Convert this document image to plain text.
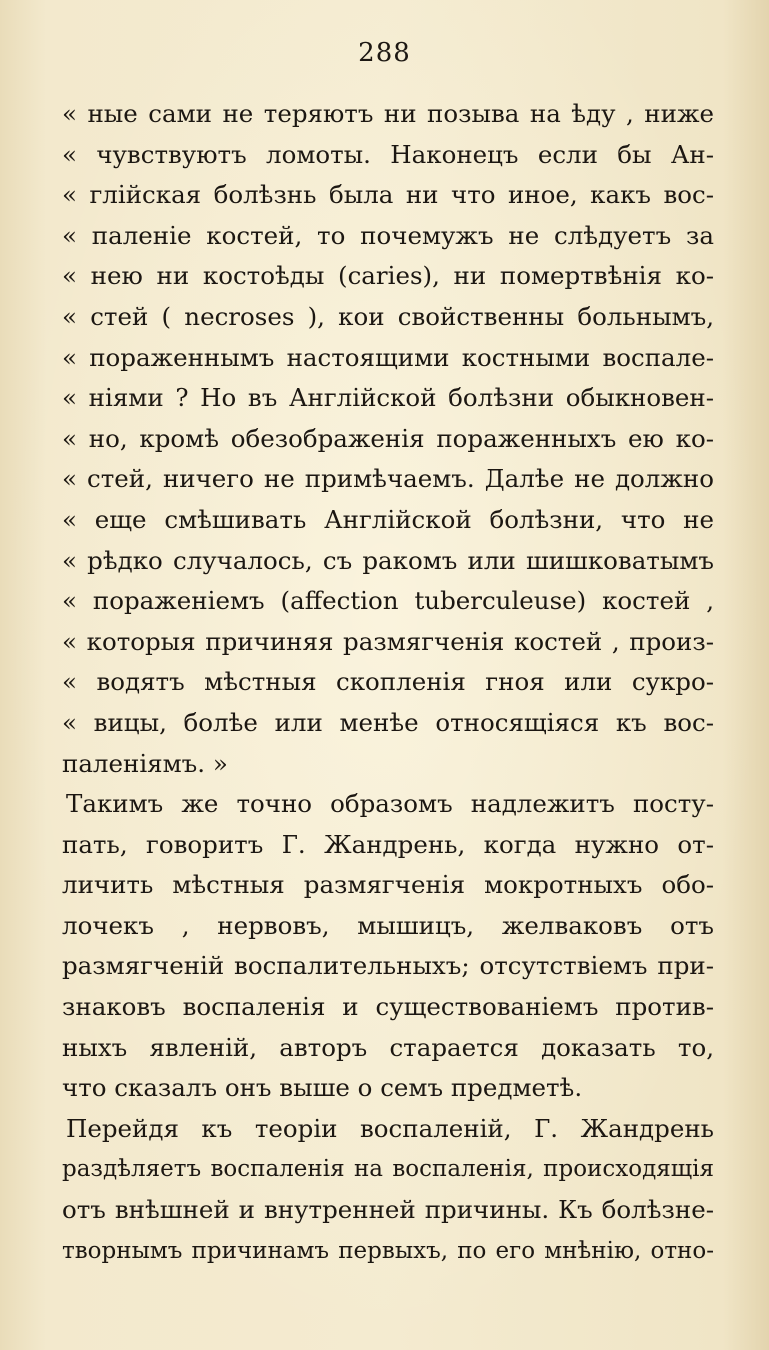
288
« ные сами не теряютъ ни позыва на ѣду , ниже
« чувствуютъ ломоты. Наконецъ если бы Ан-
« глійская болѣзнь была ни что иное, какъ вос-
« паленіе костей, то почемужъ не слѣдуетъ за
« нею ни костоѣды (caries), ни помертвѣнія ко-
« стей ( necroses ), кои свойственны больнымъ,
« пораженнымъ настоящими костными воспале-
« ніями ? Но въ Англійской болѣзни обыкновен-
« но, кромѣ обезображенія пораженныхъ ею ко-
« стей, ничего не примѣчаемъ. Далѣе не должно
« еще смѣшивать Англійской болѣзни, что не
« рѣдко случалось, съ ракомъ или шишковатымъ
« пораженіемъ (affection tuberculeuse) костей ,
« которыя причиняя размягченія костей , произ-
« водятъ мѣстныя скопленія гноя или сукро-
« вицы, болѣе или менѣе относящіяся къ вос-
паленіямъ. »
Такимъ же точно образомъ надлежитъ посту-
пать, говоритъ Г. Жандрень, когда нужно от-
личить мѣстныя размягченія мокротныхъ обо-
лочекъ , нервовъ, мышицъ, желваковъ отъ
размягченій воспалительныхъ; отсутствіемъ при-
знаковъ воспаленія и существованіемъ против-
ныхъ явленій, авторъ старается доказать то,
что сказалъ онъ выше о семъ предметѣ.
Перейдя къ теоріи воспаленій, Г. Жандрень
раздѣляетъ воспаленія на воспаленія, происходящія
отъ внѣшней и внутренней причины. Къ болѣзне-
творнымъ причинамъ первыхъ, по его мнѣнію, отно-
